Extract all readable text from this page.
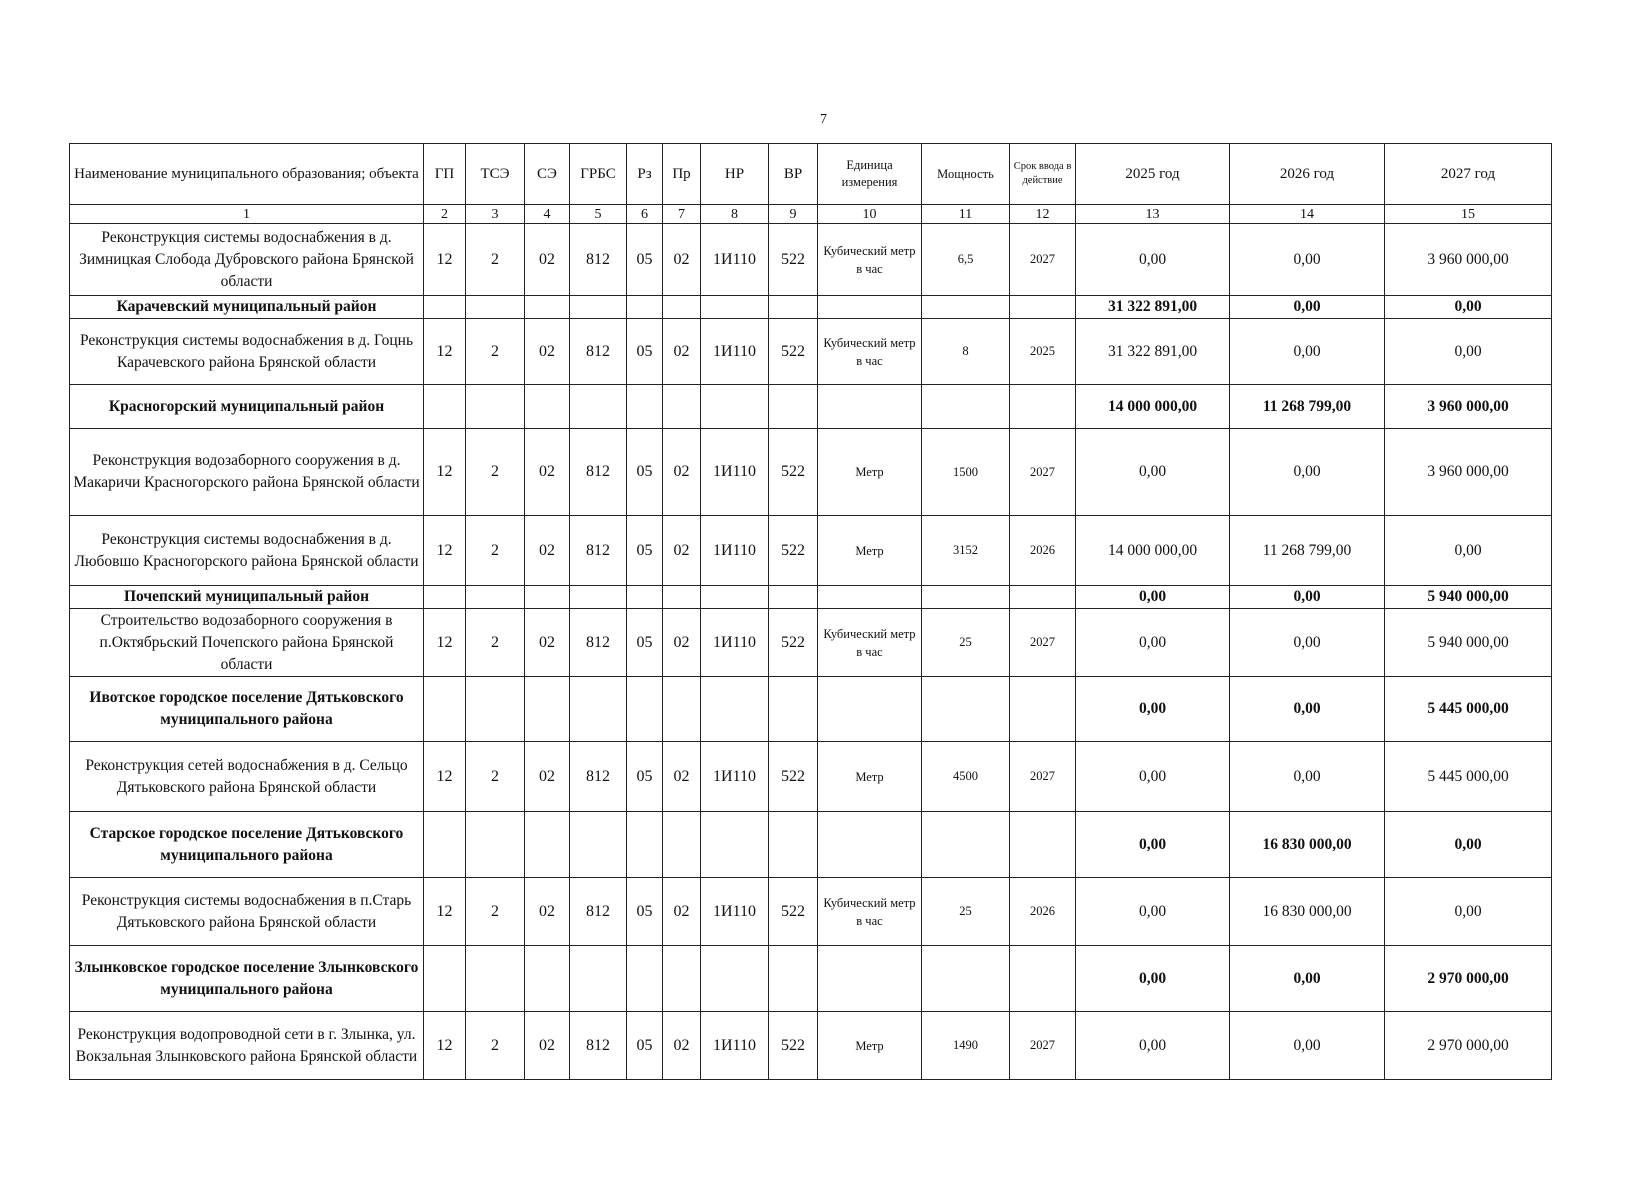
7
Наименование муниципального образования; объекта	ГП	ТСЭ	СЭ	ГРБС	Рз	Пр	НР	ВР	Единица измерения	Мощность	Срок ввода в действие	2025 год	2026 год	2027 год
1	2	3	4	5	6	7	8	9	10	11	12	13	14	15
Реконструкция системы водоснабжения в д. Зимницкая Слобода Дубровского района Брянской области	12	2	02	812	05	02	1И110	522	Кубический метр в час	6,5	2027	0,00	0,00	3 960 000,00
Карачевский муниципальный район												31 322 891,00	0,00	0,00
Реконструкция системы водоснабжения в д. Гоцнь Карачевского района Брянской области	12	2	02	812	05	02	1И110	522	Кубический метр в час	8	2025	31 322 891,00	0,00	0,00
Красногорский муниципальный район												14 000 000,00	11 268 799,00	3 960 000,00
Реконструкция водозаборного сооружения в д. Макаричи Красногорского района Брянской области	12	2	02	812	05	02	1И110	522	Метр	1500	2027	0,00	0,00	3 960 000,00
Реконструкция системы водоснабжения в д. Любовшо Красногорского района Брянской области	12	2	02	812	05	02	1И110	522	Метр	3152	2026	14 000 000,00	11 268 799,00	0,00
Почепский муниципальный район												0,00	0,00	5 940 000,00
Строительство водозаборного сооружения в п.Октябрьский Почепского района Брянской области	12	2	02	812	05	02	1И110	522	Кубический метр в час	25	2027	0,00	0,00	5 940 000,00
Ивотское городское поселение Дятьковского муниципального района												0,00	0,00	5 445 000,00
Реконструкция сетей водоснабжения в д. Сельцо Дятьковского района Брянской области	12	2	02	812	05	02	1И110	522	Метр	4500	2027	0,00	0,00	5 445 000,00
Старское городское поселение Дятьковского муниципального района												0,00	16 830 000,00	0,00
Реконструкция системы водоснабжения в п.Старь Дятьковского района Брянской области	12	2	02	812	05	02	1И110	522	Кубический метр в час	25	2026	0,00	16 830 000,00	0,00
Злынковское городское поселение Злынковского муниципального района												0,00	0,00	2 970 000,00
Реконструкция водопроводной сети в г. Злынка, ул. Вокзальная Злынковского района Брянской области	12	2	02	812	05	02	1И110	522	Метр	1490	2027	0,00	0,00	2 970 000,00
